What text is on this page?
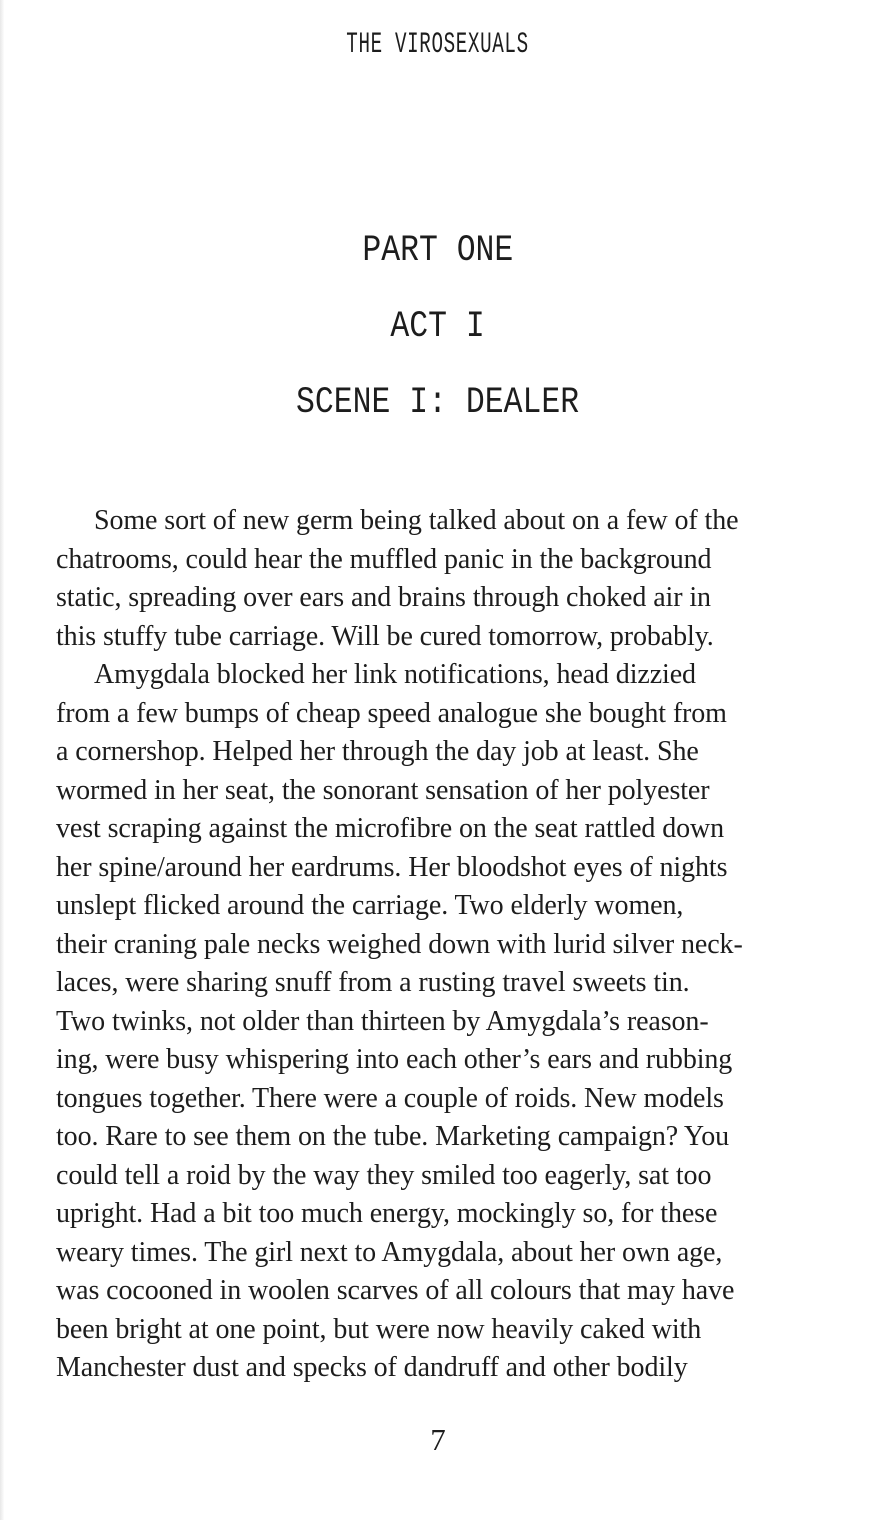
THE VIROSEXUALS
PART ONE
ACT I
SCENE I: DEALER
Some sort of new germ being talked about on a few of the
chatrooms, could hear the muffled panic in the background
static, spreading over ears and brains through choked air in
this stuffy tube carriage. Will be cured tomorrow, probably.
Amygdala blocked her link notifications, head dizzied
from a few bumps of cheap speed analogue she bought from
a cornershop. Helped her through the day job at least. She
wormed in her seat, the sonorant sensation of her polyester
vest scraping against the microfibre on the seat rattled down
her spine/around her eardrums. Her bloodshot eyes of nights
unslept flicked around the carriage. Two elderly women,
their craning pale necks weighed down with lurid silver neck-
laces, were sharing snuff from a rusting travel sweets tin.
Two twinks, not older than thirteen by Amygdala’s reason-
ing, were busy whispering into each other’s ears and rubbing
tongues together. There were a couple of roids. New models
too. Rare to see them on the tube. Marketing campaign? You
could tell a roid by the way they smiled too eagerly, sat too
upright. Had a bit too much energy, mockingly so, for these
weary times. The girl next to Amygdala, about her own age,
was cocooned in woolen scarves of all colours that may have
been bright at one point, but were now heavily caked with
Manchester dust and specks of dandruff and other bodily
7
